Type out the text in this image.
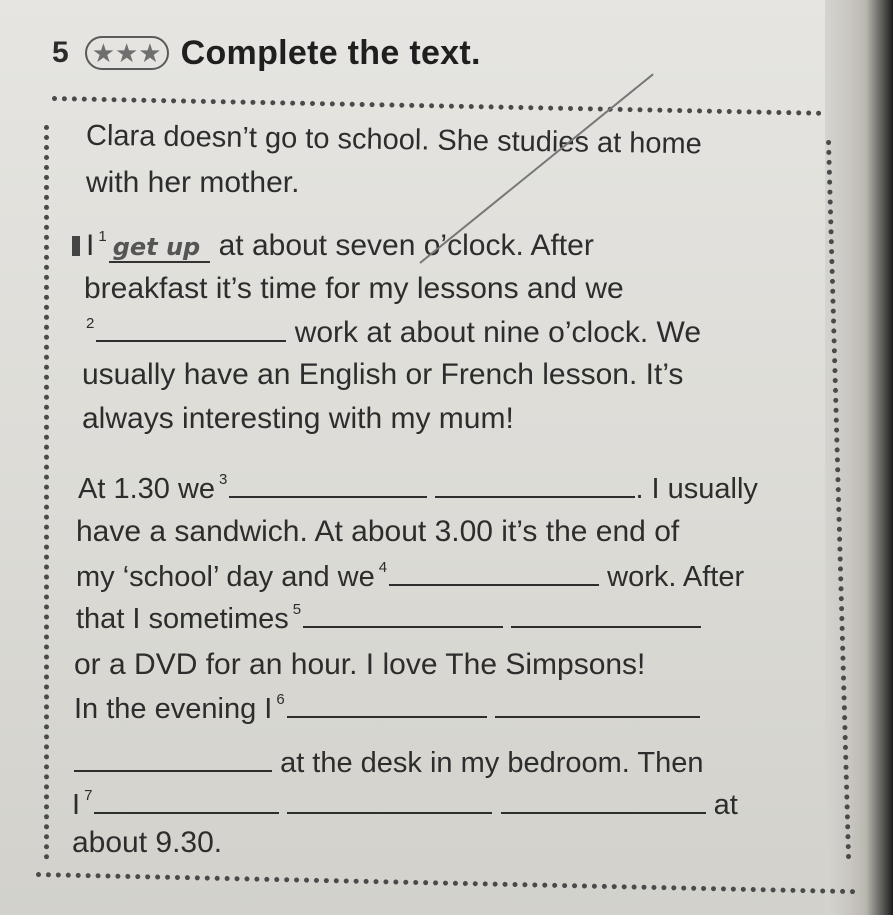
5 ★★★ Complete the text.
Clara doesn’t go to school. She studies at home
with her mother.
I $^1$ get up at about seven o’clock. After
breakfast it’s time for my lessons and we
$^2$	work at about nine o’clock. We
usually have an English or French lesson. It’s
always interesting with my mum!
At 1.30 we $^3$	. I usually
have a sandwich. At about 3.00 it’s the end of
my ‘school’ day and we $^4$	work. After
that I sometimes $^5$
or a DVD for an hour. I love The Simpsons!
In the evening I $^6$
at the desk in my bedroom. Then
I $^7$	at
about 9.30.
